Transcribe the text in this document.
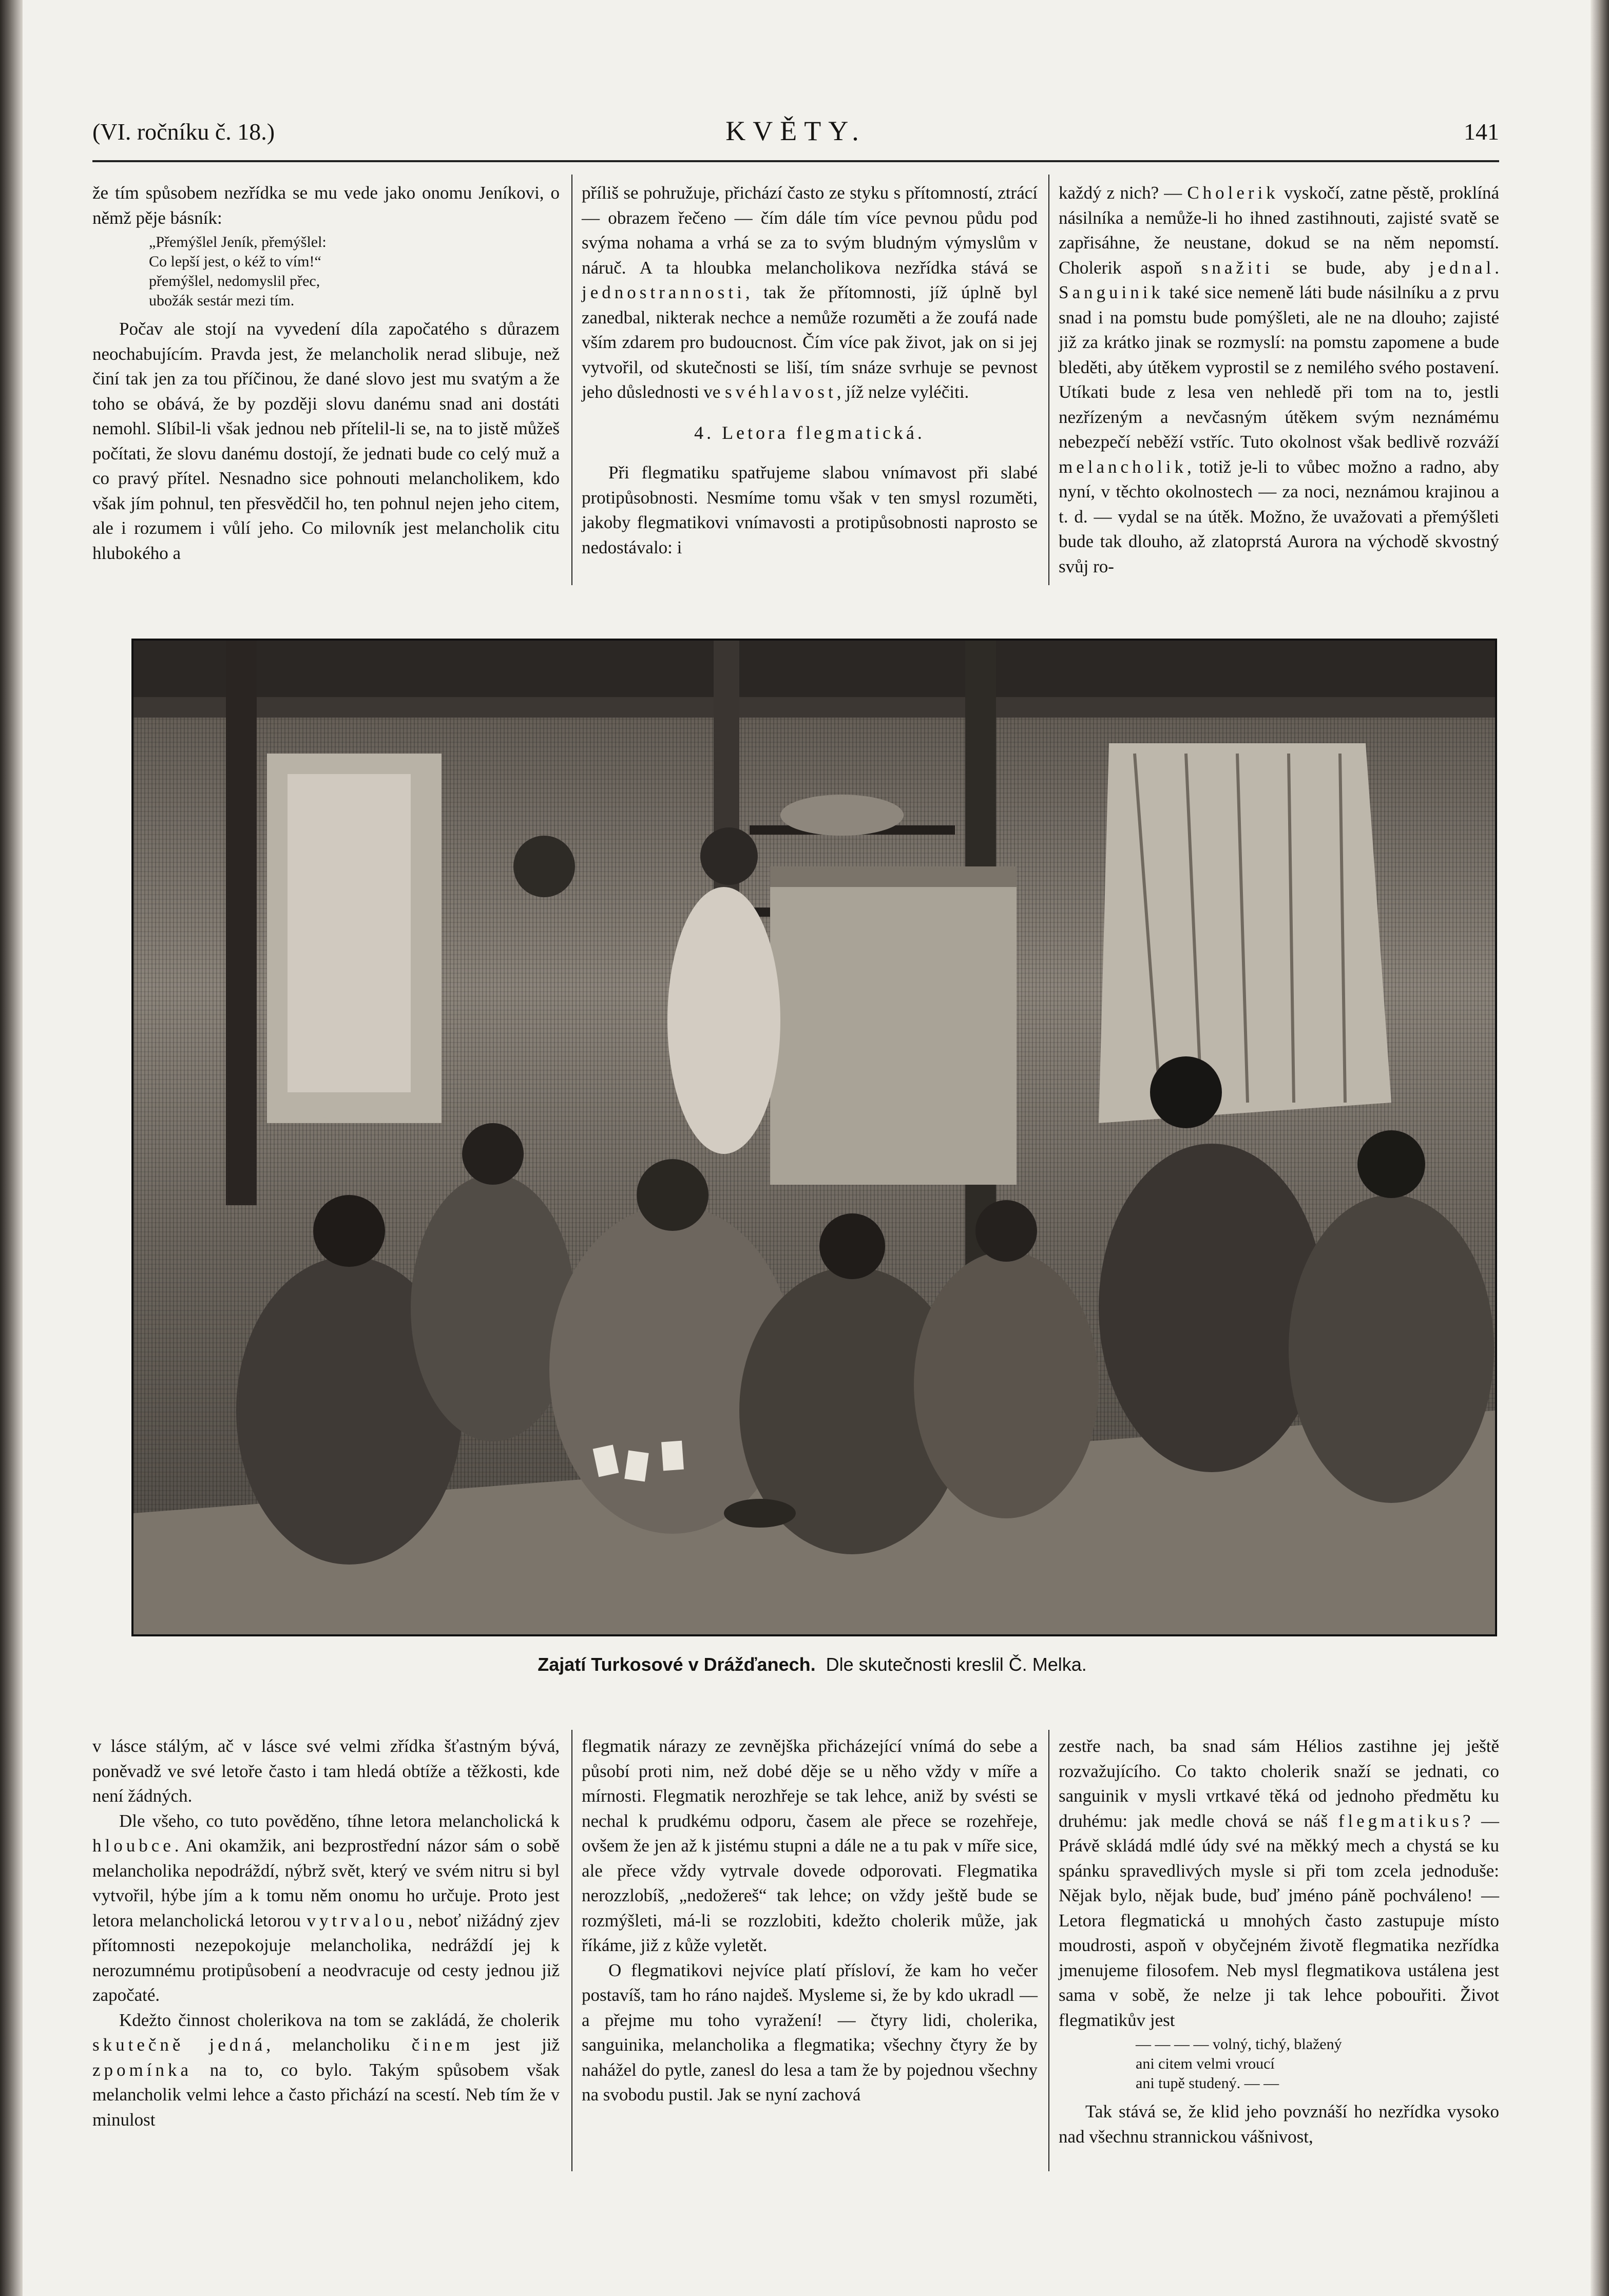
(VI. ročníku č. 18.)	KVĚTY.	141

že tím spůsobem nezřídka se mu vede jako onomu Jeníkovi, o němž pěje básník:

„Přemýšlel Jeník, přemýšlel:
Co lepší jest, o kéž to vím!“
přemýšlel, nedomyslil přec,
ubožák sestár mezi tím.

Počav ale stojí na vyvedení díla započatého s důrazem neochabujícím. Pravda jest, že melancholik nerad slibuje, než činí tak jen za tou příčinou, že dané slovo jest mu svatým a že toho se obává, že by později slovu danému snad ani dostáti nemohl. Slíbil-li však jednou neb přítelil-li se, na to jistě můžeš počítati, že slovu danému dostojí, že jednati bude co celý muž a co pravý přítel. Nesnadno sice pohnouti melancholikem, kdo však jím pohnul, ten přesvědčil ho, ten pohnul nejen jeho citem, ale i rozumem i vůlí jeho. Co milovník jest melancholik citu hlubokého a

příliš se pohružuje, přichází často ze styku s přítomností, ztrácí — obrazem řečeno — čím dále tím více pevnou půdu pod svýma nohama a vrhá se za to svým bludným výmyslům v náruč. A ta hloubka melancholikova nezřídka stává se jednostrannosti, tak že přítomnosti, jíž úplně byl zanedbal, nikterak nechce a nemůže rozuměti a že zoufá nade vším zdarem pro budoucnost. Čím více pak život, jak on si jej vytvořil, od skutečnosti se liší, tím snáze svrhuje se pevnost jeho důslednosti ve svéhlavost, jíž nelze vyléčiti.

4. Letora flegmatická.

Při flegmatiku spatřujeme slabou vnímavost při slabé protipůsobnosti. Nesmíme tomu však v ten smysl rozuměti, jakoby flegmatikovi vnímavosti a protipůsobnosti naprosto se nedostávalo: i

každý z nich? — Cholerik vyskočí, zatne pěstě, proklíná násilníka a nemůže-li ho ihned zastihnouti, zajisté svatě se zapřisáhne, že neustane, dokud se na něm nepomstí. Cholerik aspoň snažiti se bude, aby jednal. Sanguinik také sice nemeně láti bude násilníku a z prvu snad i na pomstu bude pomýšleti, ale ne na dlouho; zajisté již za krátko jinak se rozmyslí: na pomstu zapomene a bude bleděti, aby útěkem vyprostil se z nemilého svého postavení. Utíkati bude z lesa ven nehledě při tom na to, jestli nezřízeným a nevčasným útěkem svým neznámému nebezpečí neběží vstříc. Tuto okolnost však bedlivě rozváží melancholik, totiž je-li to vůbec možno a radno, aby nyní, v těchto okolnostech — za noci, neznámou krajinou a t. d. — vydal se na útěk. Možno, že uvažovati a přemýšleti bude tak dlouho, až zlatoprstá Aurora na východě skvostný svůj ro-

Zajatí Turkosové v Drážďanech. Dle skutečnosti kreslil Č. Melka.

v lásce stálým, ač v lásce své velmi zřídka šťastným bývá, poněvadž ve své letoře často i tam hledá obtíže a těžkosti, kde není žádných.

Dle všeho, co tuto pověděno, tíhne letora melancholická k hloubce. Ani okamžik, ani bezprostřední názor sám o sobě melancholika nepodráždí, nýbrž svět, který ve svém nitru si byl vytvořil, hýbe jím a k tomu něm onomu ho určuje. Proto jest letora melancholická letorou vytrvalou, neboť nižádný zjev přítomnosti nezepokojuje melancholika, nedráždí jej k nerozumnému protipůsobení a neodvracuje od cesty jednou již započaté.

Kdežto činnost cholerikova na tom se zakládá, že cholerik skutečně jedná, melancholiku činem jest již zpomínka na to, co bylo. Takým spůsobem však melancholik velmi lehce a často přichází na scestí. Neb tím že v minulost

flegmatik nárazy ze zevnějška přicházející vnímá do sebe a působí proti nim, než dobé děje se u něho vždy v míře a mírnosti. Flegmatik nerozhřeje se tak lehce, aniž by svésti se nechal k prudkému odporu, časem ale přece se rozehřeje, ovšem že jen až k jistému stupni a dále ne a tu pak v míře sice, ale přece vždy vytrvale dovede odporovati. Flegmatika nerozzlobíš, „nedožereš“ tak lehce; on vždy ještě bude se rozmýšleti, má-li se rozzlobiti, kdežto cholerik může, jak říkáme, již z kůže vyletět.

O flegmatikovi nejvíce platí přísloví, že kam ho večer postavíš, tam ho ráno najdeš. Mysleme si, že by kdo ukradl — a přejme mu toho vyražení! — čtyry lidi, cholerika, sanguinika, melancholika a flegmatika; všechny čtyry že by nahážel do pytle, zanesl do lesa a tam že by pojednou všechny na svobodu pustil. Jak se nyní zachová

zestře nach, ba snad sám Hélios zastihne jej ještě rozvažujícího. Co takto cholerik snaží se jednati, co sanguinik v mysli vrtkavé těká od jednoho předmětu ku druhému: jak medle chová se náš flegmatikus? — Právě skládá mdlé údy své na měkký mech a chystá se ku spánku spravedlivých mysle si při tom zcela jednoduše: Nějak bylo, nějak bude, buď jméno páně pochváleno! — Letora flegmatická u mnohých často zastupuje místo moudrosti, aspoň v obyčejném životě flegmatika nezřídka jmenujeme filosofem. Neb mysl flegmatikova ustálena jest sama v sobě, že nelze ji tak lehce pobouřiti. Život flegmatikův jest

— — — — volný, tichý, blažený
ani citem velmi vroucí
ani tupě studený. — —

Tak stává se, že klid jeho povznáší ho nezřídka vysoko nad všechnu strannickou vášnivost,
